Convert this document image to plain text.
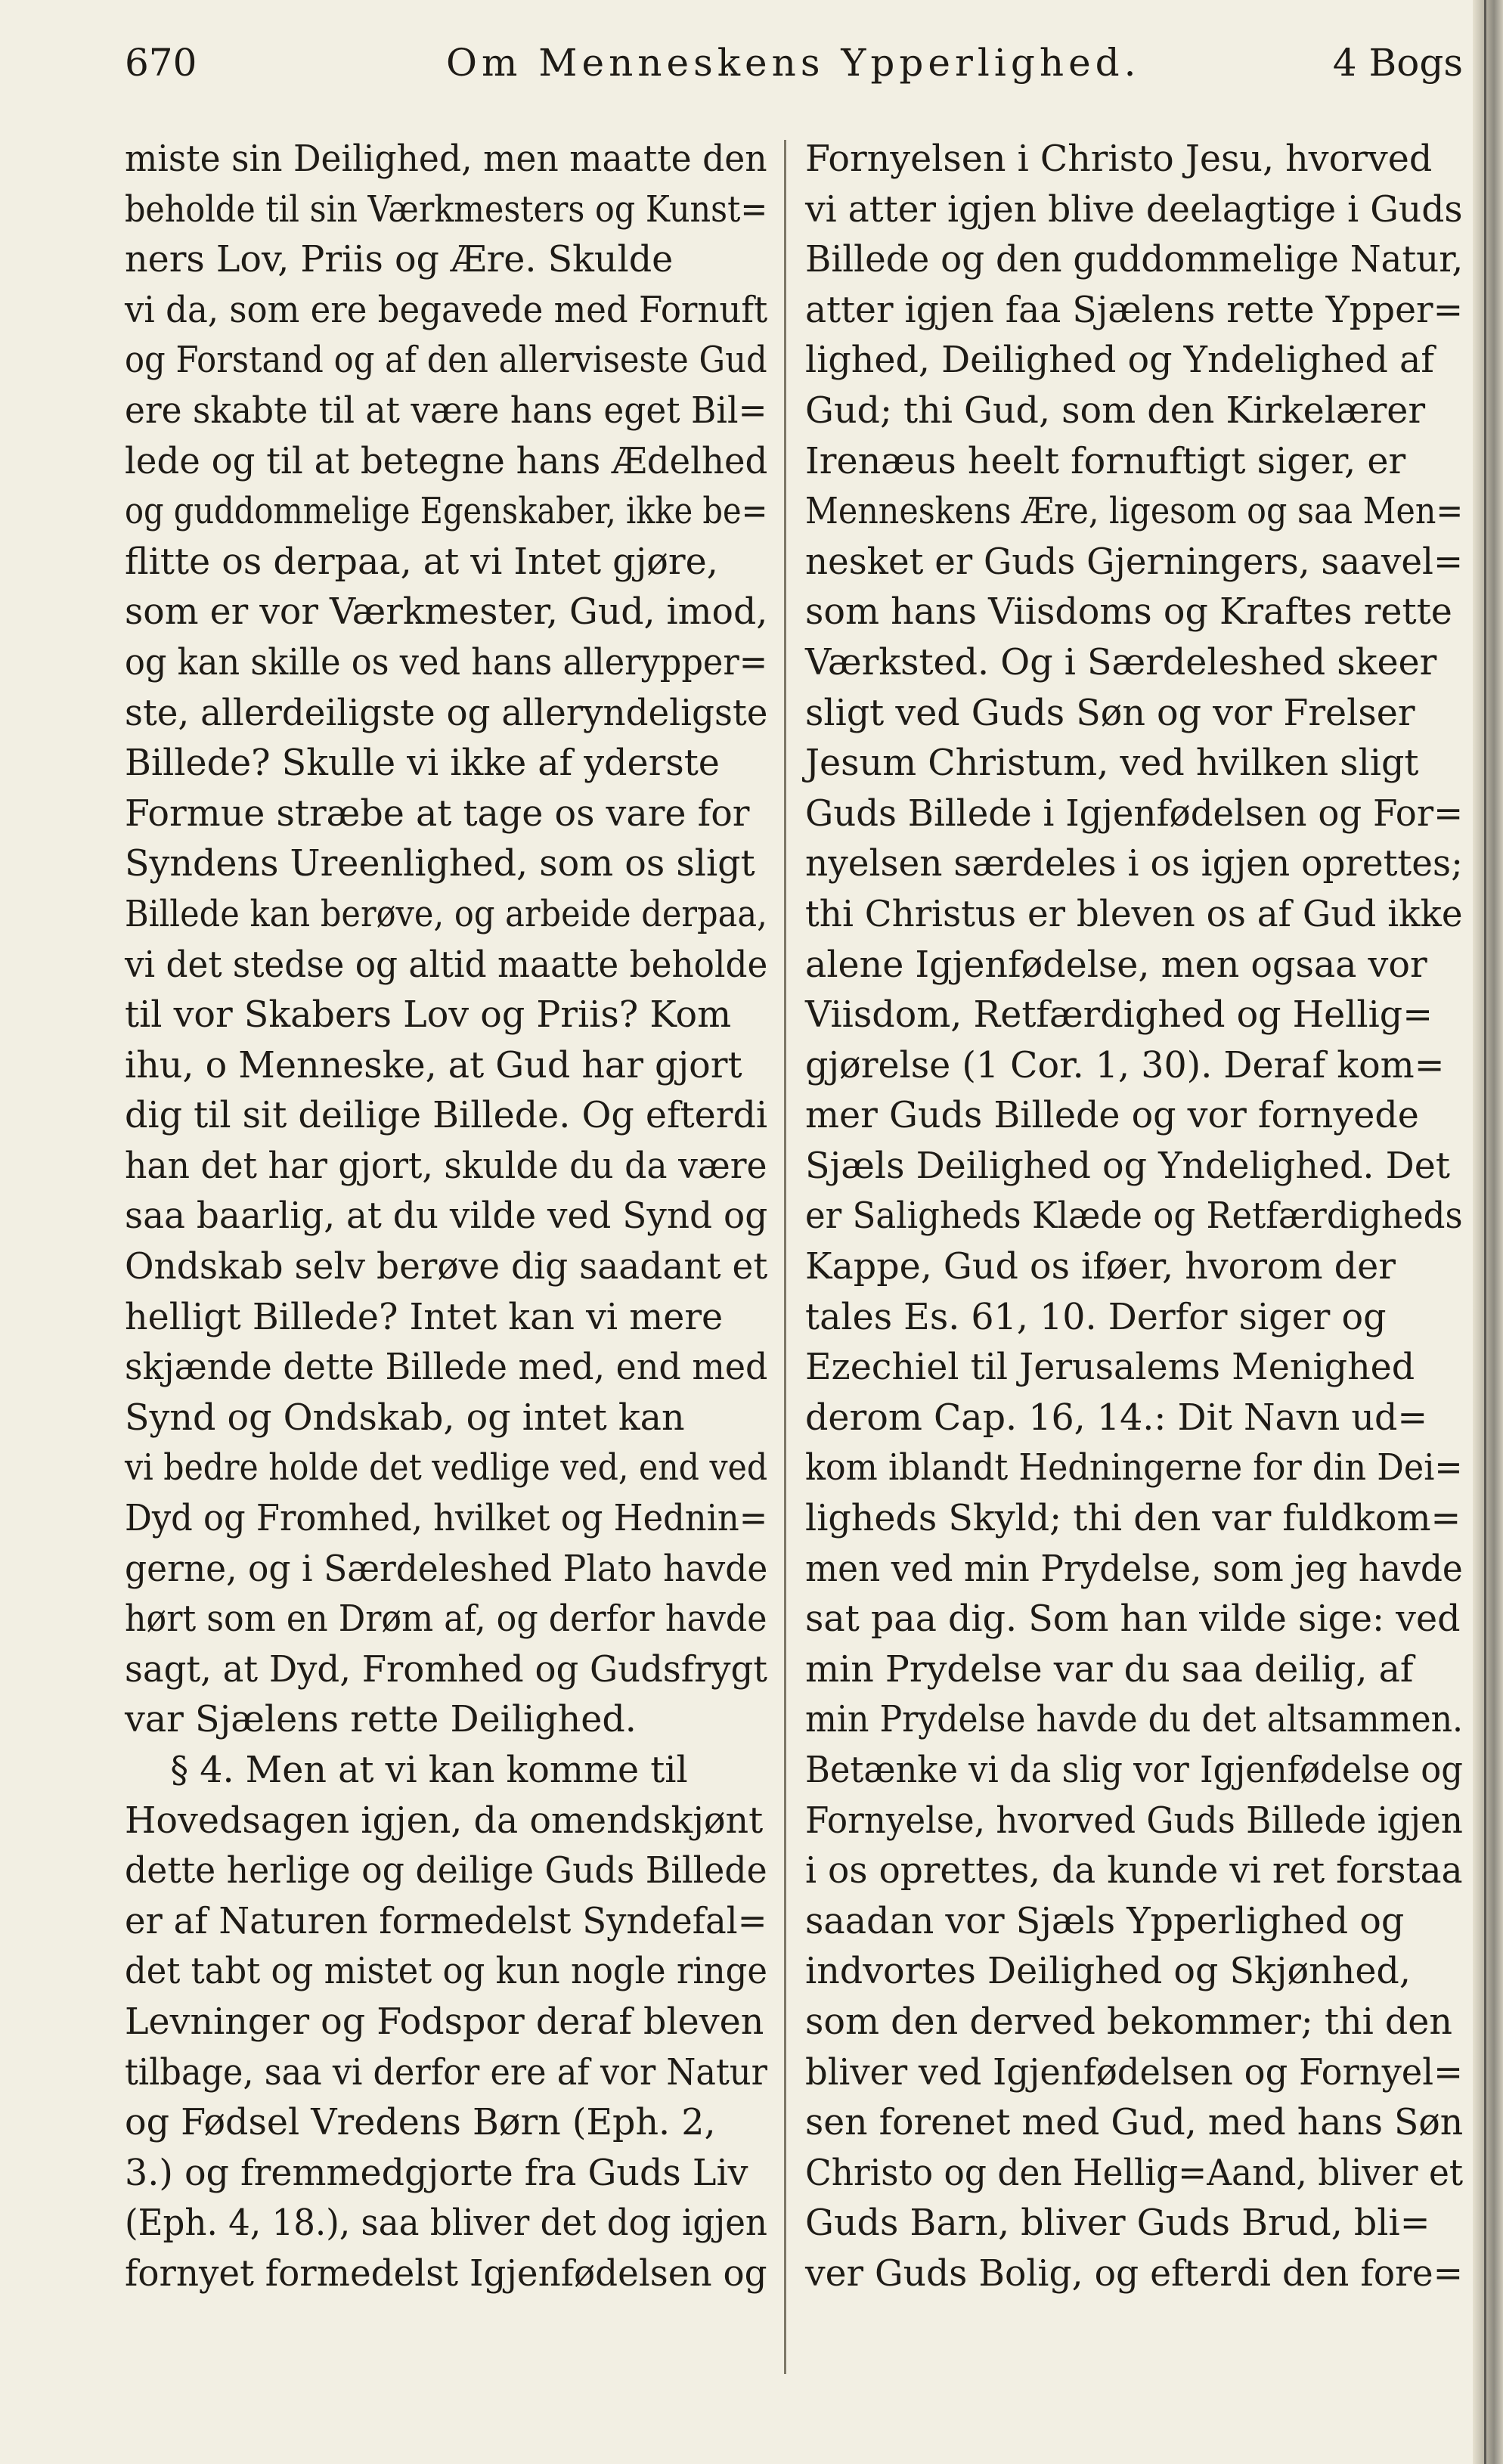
670	Om Menneskens Ypperlighed.	4 Bogs
miste sin Deilighed, men maatte den
beholde til sin Værkmesters og Kunst=
ners Lov, Priis og Ære. Skulde
vi da, som ere begavede med Fornuft
og Forstand og af den allerviseste Gud
ere skabte til at være hans eget Bil=
lede og til at betegne hans Ædelhed
og guddommelige Egenskaber, ikke be=
flitte os derpaa, at vi Intet gjøre,
som er vor Værkmester, Gud, imod,
og kan skille os ved hans allerypper=
ste, allerdeiligste og alleryndeligste
Billede? Skulle vi ikke af yderste
Formue stræbe at tage os vare for
Syndens Ureenlighed, som os sligt
Billede kan berøve, og arbeide derpaa,
vi det stedse og altid maatte beholde
til vor Skabers Lov og Priis? Kom
ihu, o Menneske, at Gud har gjort
dig til sit deilige Billede. Og efterdi
han det har gjort, skulde du da være
saa baarlig, at du vilde ved Synd og
Ondskab selv berøve dig saadant et
helligt Billede? Intet kan vi mere
skjænde dette Billede med, end med
Synd og Ondskab, og intet kan
vi bedre holde det vedlige ved, end ved
Dyd og Fromhed, hvilket og Hednin=
gerne, og i Særdeleshed Plato havde
hørt som en Drøm af, og derfor havde
sagt, at Dyd, Fromhed og Gudsfrygt
var Sjælens rette Deilighed.
§ 4. Men at vi kan komme til
Hovedsagen igjen, da omendskjønt
dette herlige og deilige Guds Billede
er af Naturen formedelst Syndefal=
det tabt og mistet og kun nogle ringe
Levninger og Fodspor deraf bleven
tilbage, saa vi derfor ere af vor Natur
og Fødsel Vredens Børn (Eph. 2,
3.) og fremmedgjorte fra Guds Liv
(Eph. 4, 18.), saa bliver det dog igjen
fornyet formedelst Igjenfødelsen og
Fornyelsen i Christo Jesu, hvorved
vi atter igjen blive deelagtige i Guds
Billede og den guddommelige Natur,
atter igjen faa Sjælens rette Ypper=
lighed, Deilighed og Yndelighed af
Gud; thi Gud, som den Kirkelærer
Irenæus heelt fornuftigt siger, er
Menneskens Ære, ligesom og saa Men=
nesket er Guds Gjerningers, saavel=
som hans Viisdoms og Kraftes rette
Værksted. Og i Særdeleshed skeer
sligt ved Guds Søn og vor Frelser
Jesum Christum, ved hvilken sligt
Guds Billede i Igjenfødelsen og For=
nyelsen særdeles i os igjen oprettes;
thi Christus er bleven os af Gud ikke
alene Igjenfødelse, men ogsaa vor
Viisdom, Retfærdighed og Hellig=
gjørelse (1 Cor. 1, 30). Deraf kom=
mer Guds Billede og vor fornyede
Sjæls Deilighed og Yndelighed. Det
er Saligheds Klæde og Retfærdigheds
Kappe, Gud os iføer, hvorom der
tales Es. 61, 10. Derfor siger og
Ezechiel til Jerusalems Menighed
derom Cap. 16, 14.: Dit Navn ud=
kom iblandt Hedningerne for din Dei=
ligheds Skyld; thi den var fuldkom=
men ved min Prydelse, som jeg havde
sat paa dig. Som han vilde sige: ved
min Prydelse var du saa deilig, af
min Prydelse havde du det altsammen.
Betænke vi da slig vor Igjenfødelse og
Fornyelse, hvorved Guds Billede igjen
i os oprettes, da kunde vi ret forstaa
saadan vor Sjæls Ypperlighed og
indvortes Deilighed og Skjønhed,
som den derved bekommer; thi den
bliver ved Igjenfødelsen og Fornyel=
sen forenet med Gud, med hans Søn
Christo og den Hellig=Aand, bliver et
Guds Barn, bliver Guds Brud, bli=
ver Guds Bolig, og efterdi den fore=
